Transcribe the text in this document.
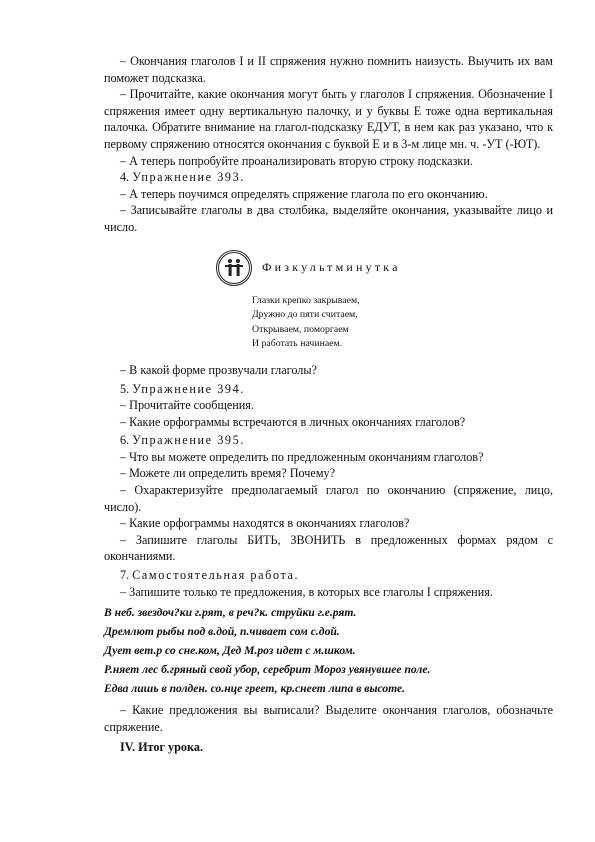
– Окончания глаголов I и II спряжения нужно помнить наизусть. Выучить их вам поможет подсказка.

– Прочитайте, какие окончания могут быть у глаголов I спряжения. Обозначение I спряжения имеет одну вертикальную палочку, и у буквы Е тоже одна вертикальная палочка. Обратите внимание на глагол-подсказку ЕДУТ, в нем как раз указано, что к первому спряжению относятся окончания с буквой Е и в 3-м лице мн. ч. -УТ (-ЮТ).

– А теперь попробуйте проанализировать вторую строку подсказки.

4. Упражнение 393.

– А теперь поучимся определять спряжение глагола по его окончанию.

– Записывайте глаголы в два столбика, выделяйте окончания, указывайте лицо и число.

Физкультминутка
Глазки крепко закрываем,
Дружно до пяти считаем,
Открываем, поморгаем
И работать начинаем.

– В какой форме прозвучали глаголы?

5. Упражнение 394.

– Прочитайте сообщения.

– Какие орфограммы встречаются в личных окончаниях глаголов?

6. Упражнение 395.

– Что вы можете определить по предложенным окончаниям глаголов?

– Можете ли определить время? Почему?

– Охарактеризуйте предполагаемый глагол по окончанию (спряжение, лицо, число).

– Какие орфограммы находятся в окончаниях глаголов?

– Запишите глаголы БИТЬ, ЗВОНИТЬ в предложенных формах рядом с окончаниями.

7. Самостоятельная работа.

– Запишите только те предложения, в которых все глаголы I спряжения.

В неб. звездоч?ки г.рят, в реч?к. струйки г.е.рят.
Дремлют рыбы под в.дой, п.чивает сом с.дой.
Дует вет.р со сне.ком, Дед М.роз идет с м.шком.
Р.няет лес б.гряный свой убор, серебрит Мороз увянувшее поле.
Едва лишь в полден. со.нце греет, кр.снеет липа в высоте.

– Какие предложения вы выписали? Выделите окончания глаголов, обозначьте спряжение.

IV. Итог урока.
